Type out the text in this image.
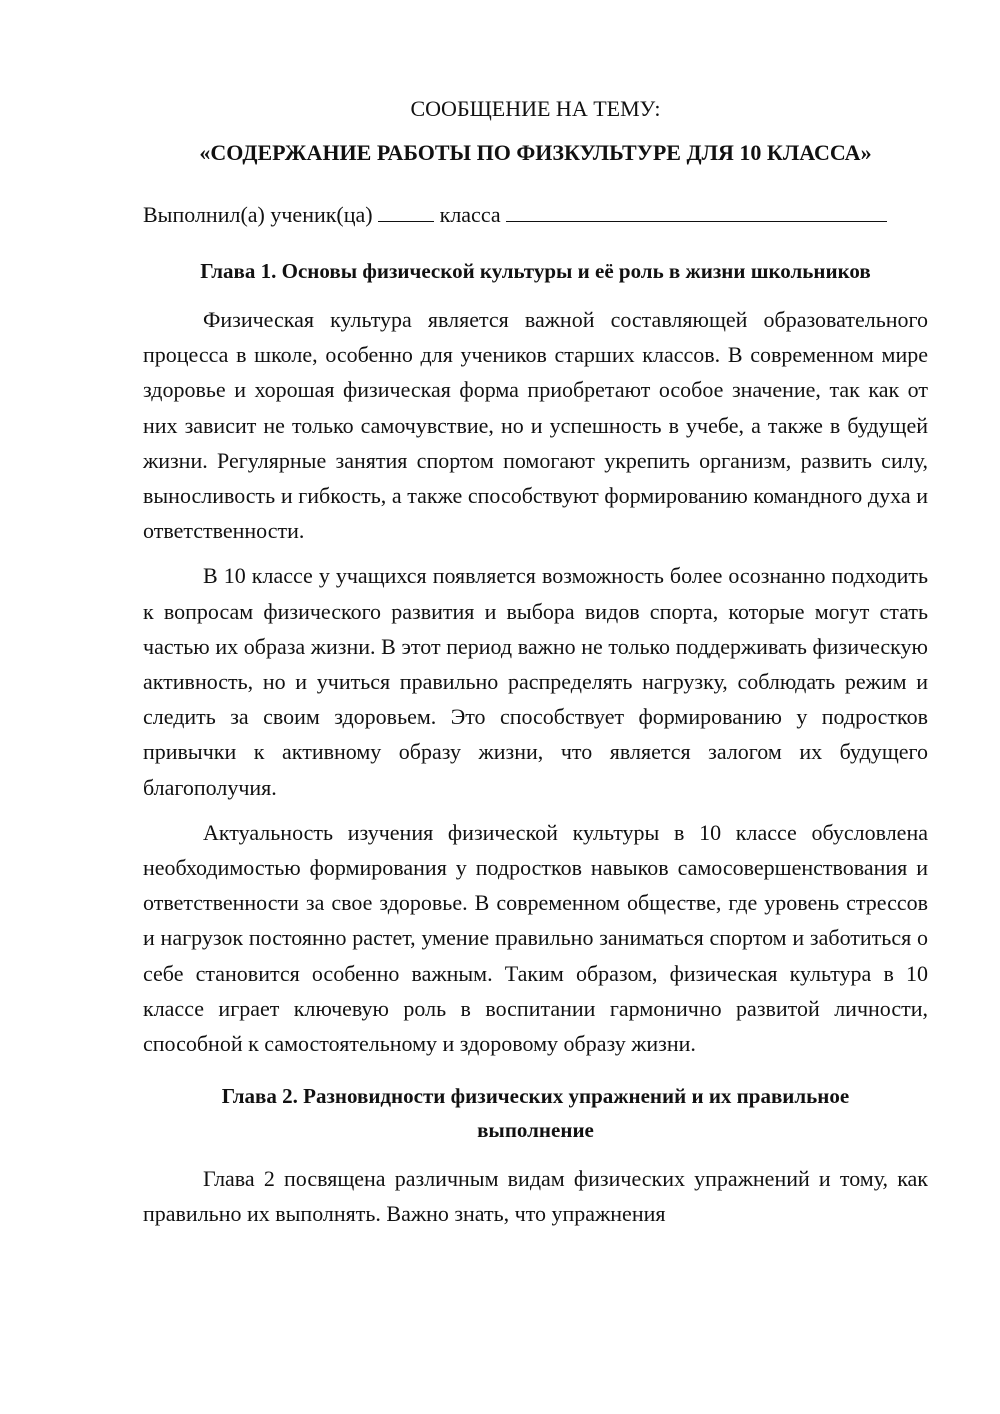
СООБЩЕНИЕ НА ТЕМУ:

«СОДЕРЖАНИЕ РАБОТЫ ПО ФИЗКУЛЬТУРЕ ДЛЯ 10 КЛАССА»

Выполнил(а) ученик(ца)	класса

Глава 1. Основы физической культуры и её роль в жизни школьников

Физическая культура является важной составляющей образовательного процесса в школе, особенно для учеников старших классов. В современном мире здоровье и хорошая физическая форма приобретают особое значение, так как от них зависит не только самочувствие, но и успешность в учебе, а также в будущей жизни. Регулярные занятия спортом помогают укрепить организм, развить силу, выносливость и гибкость, а также способствуют формированию командного духа и ответственности.

В 10 классе у учащихся появляется возможность более осознанно подходить к вопросам физического развития и выбора видов спорта, которые могут стать частью их образа жизни. В этот период важно не только поддерживать физическую активность, но и учиться правильно распределять нагрузку, соблюдать режим и следить за своим здоровьем. Это способствует формированию у подростков привычки к активному образу жизни, что является залогом их будущего благополучия.

Актуальность изучения физической культуры в 10 классе обусловлена необходимостью формирования у подростков навыков самосовершенствования и ответственности за свое здоровье. В современном обществе, где уровень стрессов и нагрузок постоянно растет, умение правильно заниматься спортом и заботиться о себе становится особенно важным. Таким образом, физическая культура в 10 классе играет ключевую роль в воспитании гармонично развитой личности, способной к самостоятельному и здоровому образу жизни.

Глава 2. Разновидности физических упражнений и их правильное
выполнение

Глава 2 посвящена различным видам физических упражнений и тому, как правильно их выполнять. Важно знать, что упражнения
